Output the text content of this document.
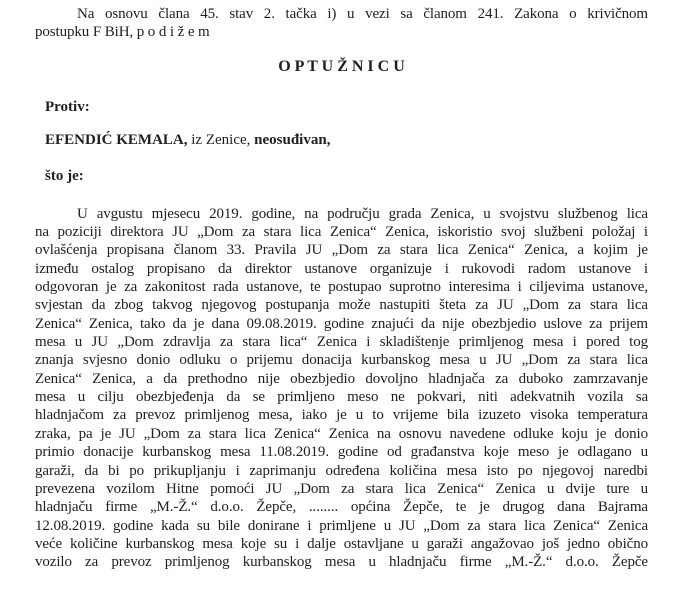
Na osnovu člana 45. stav 2. tačka i) u vezi sa članom 241. Zakona o krivičnom
postupku F BiH, p o d i ž e m
O P T U Ž N I C U
Protiv:
EFENDIĆ KEMALA, iz Zenice, neosuđivan,
što je:
U avgustu mjesecu 2019. godine, na području grada Zenica, u svojstvu službenog lica
na poziciji direktora JU „Dom za stara lica Zenica“ Zenica, iskoristio svoj službeni položaj i
ovlašćenja propisana članom 33. Pravila JU „Dom za stara lica Zenica“ Zenica, a kojim je
između ostalog propisano da direktor ustanove organizuje i rukovodi radom ustanove i
odgovoran je za zakonitost rada ustanove, te postupao suprotno interesima i ciljevima ustanove,
svjestan da zbog takvog njegovog postupanja može nastupiti šteta za JU „Dom za stara lica
Zenica“ Zenica, tako da je dana 09.08.2019. godine znajući da nije obezbjedio uslove za prijem
mesa u JU „Dom zdravlja za stara lica“ Zenica i skladištenje primljenog mesa i pored tog
znanja svjesno donio odluku o prijemu donacija kurbanskog mesa u JU „Dom za stara lica
Zenica“ Zenica, a da prethodno nije obezbjedio dovoljno hladnjača za duboko zamrzavanje
mesa u cilju obezbjeđenja da se primljeno meso ne pokvari, niti adekvatnih vozila sa
hladnjačom za prevoz primljenog mesa, iako je u to vrijeme bila izuzeto visoka temperatura
zraka, pa je JU „Dom za stara lica Zenica“ Zenica na osnovu navedene odluke koju je donio
primio donacije kurbanskog mesa 11.08.2019. godine od građanstva koje meso je odlagano u
garaži, da bi po prikupljanju i zaprimanju određena količina mesa isto po njegovoj naredbi
prevezena vozilom Hitne pomoći JU „Dom za stara lica Zenica“ Zenica u dvije ture u
hladnjaču firme „M.-Ž.“ d.o.o. Žepče, ........ općina Žepče, te je drugog dana Bajrama
12.08.2019. godine kada su bile donirane i primljene u JU „Dom za stara lica Zenica“ Zenica
veće količine kurbanskog mesa koje su i dalje ostavljane u garaži angažovao još jedno obično
vozilo za prevoz primljenog kurbanskog mesa u hladnjaču firme „M.-Ž.“ d.o.o. Žepče
